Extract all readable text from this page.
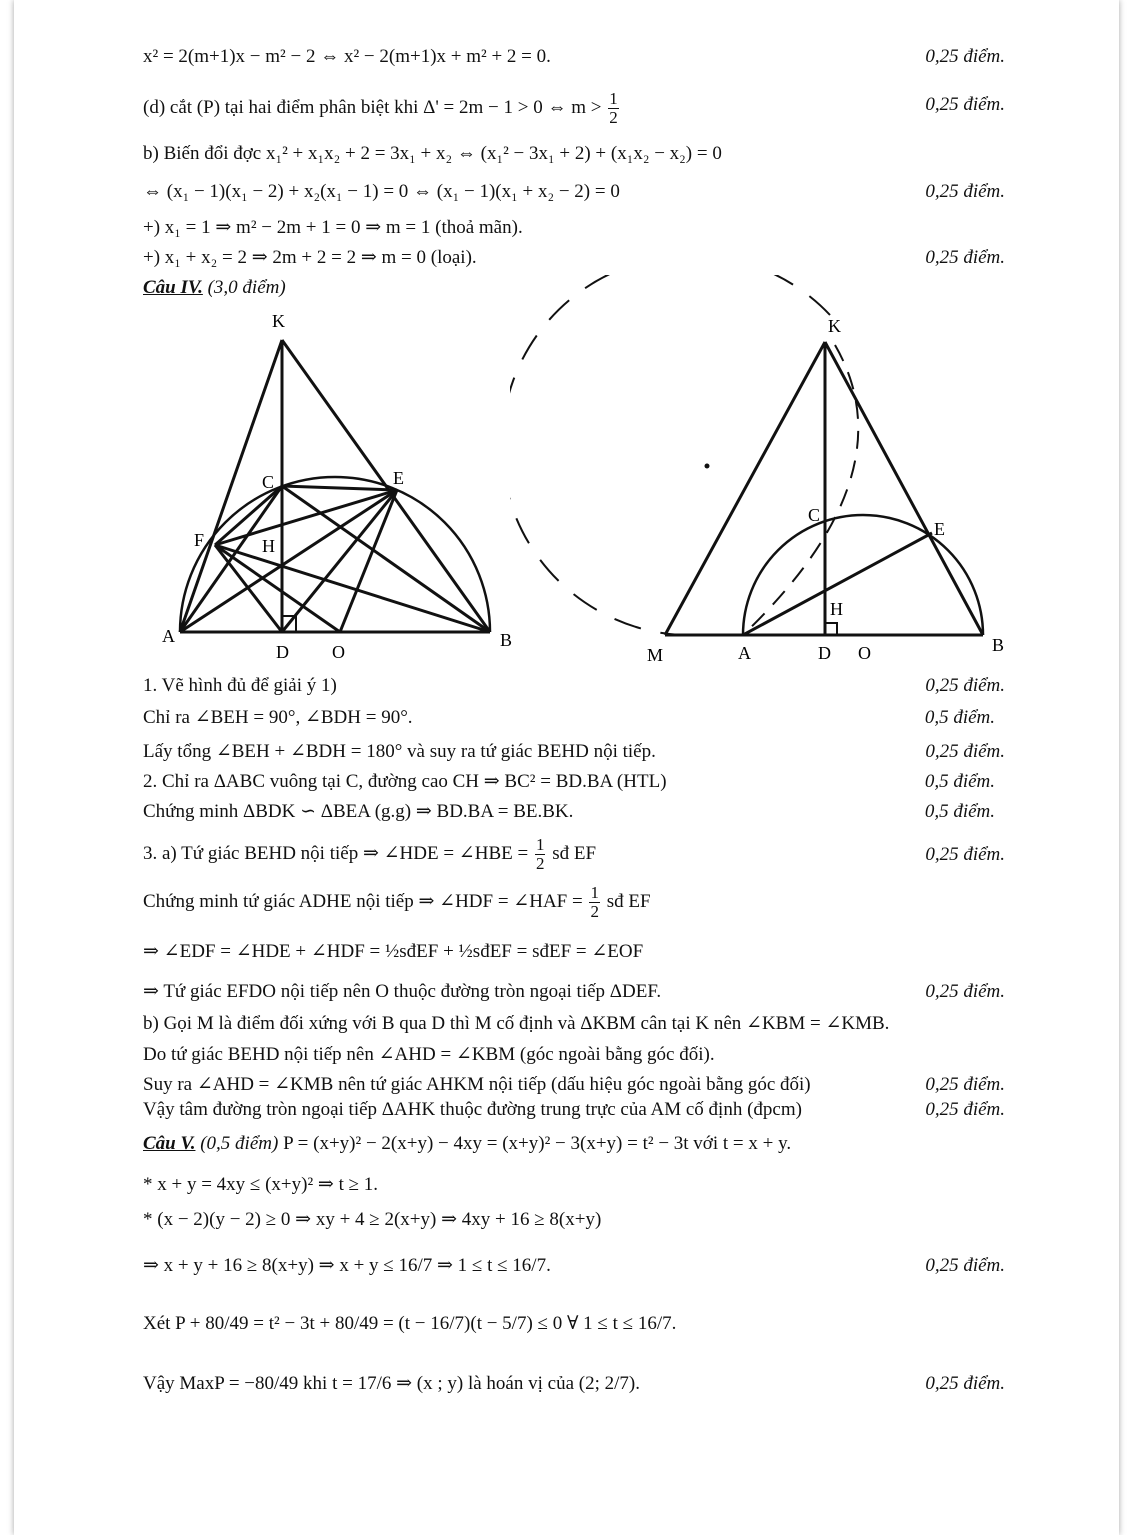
x² = 2(m+1)x − m² − 2 ⇔ x² − 2(m+1)x + m² + 2 = 0.	0,25 điểm.
(d) cắt (P) tại hai điểm phân biệt khi Δ' = 2m − 1 > 0 ⇔ $m > \frac{1}{2}$	0,25 điểm.
b) Biến đổi đợc x₁² + x₁x₂ + 2 = 3x₁ + x₂ ⇔ (x₁² − 3x₁ + 2) + (x₁x₂ − x₂) = 0
⇔ (x₁ − 1)(x₁ − 2) + x₂(x₁ − 1) = 0 ⇔ (x₁ − 1)(x₁ + x₂ − 2) = 0	0,25 điểm.
+) x₁ = 1 ⇒ m² − 2m + 1 = 0 ⇒ m = 1 (thoả mãn).
+) x₁ + x₂ = 2 ⇒ 2m + 2 = 2 ⇒ m = 0 (loại).	0,25 điểm.
Câu IV. (3,0 điểm)
K
C	E
F	H
A
D O
B
K
C
E
H
M	A	D O	B
1. Vẽ hình đủ để giải ý 1)	0,25 điểm.
Chỉ ra ∠BEH = 90°, ∠BDH = 90°.	0,5 điểm.
Lấy tổng ∠BEH + ∠BDH = 180° và suy ra tứ giác BEHD nội tiếp.	0,25 điểm.
2. Chỉ ra ΔABC vuông tại C, đường cao CH ⇒ BC² = BD.BA (HTL)	0,5 điểm.
Chứng minh ΔBDK ∽ ΔBEA (g.g) ⇒ BD.BA = BE.BK.	0,5 điểm.
3. a) Tứ giác BEHD nội tiếp ⇒ ∠HDE = ∠HBE = $\frac{1}{2}$ sđ EF	0,25 điểm.
Chứng minh tứ giác ADHE nội tiếp ⇒ ∠HDF = ∠HAF = $\frac{1}{2}$ sđ EF
⇒ ∠EDF = ∠HDE + ∠HDF = ½sđEF + ½sđEF = sđEF = ∠EOF
⇒ Tứ giác EFDO nội tiếp nên O thuộc đường tròn ngoại tiếp ΔDEF.	0,25 điểm.
b) Gọi M là điểm đối xứng với B qua D thì M cố định và ΔKBM cân tại K nên ∠KBM = ∠KMB.
Do tứ giác BEHD nội tiếp nên ∠AHD = ∠KBM (góc ngoài bằng góc đối).
Suy ra ∠AHD = ∠KMB nên tứ giác AHKM nội tiếp (dấu hiệu góc ngoài bằng góc đối)	0,25 điểm.
Vậy tâm đường tròn ngoại tiếp ΔAHK thuộc đường trung trực của AM cố định (đpcm)	0,25 điểm.
Câu V. (0,5 điểm) P = (x+y)² − 2(x+y) − 4xy = (x+y)² − 3(x+y) = t² − 3t với t = x + y.
* x + y = 4xy ≤ (x+y)² ⇒ t ≥ 1.
* (x − 2)(y − 2) ≥ 0 ⇒ xy + 4 ≥ 2(x+y) ⇒ 4xy + 16 ≥ 8(x+y)
⇒ x + y + 16 ≥ 8(x+y) ⇒ x + y ≤ 16/7 ⇒ 1 ≤ t ≤ 16/7.	0,25 điểm.
Xét P + 80/49 = t² − 3t + 80/49 = (t − 16/7)(t − 5/7) ≤ 0 ∀ 1 ≤ t ≤ 16/7.
Vậy MaxP = −80/49 khi t = 17/6 ⇒ (x ; y) là hoán vị của (2; 2/7).	0,25 điểm.
